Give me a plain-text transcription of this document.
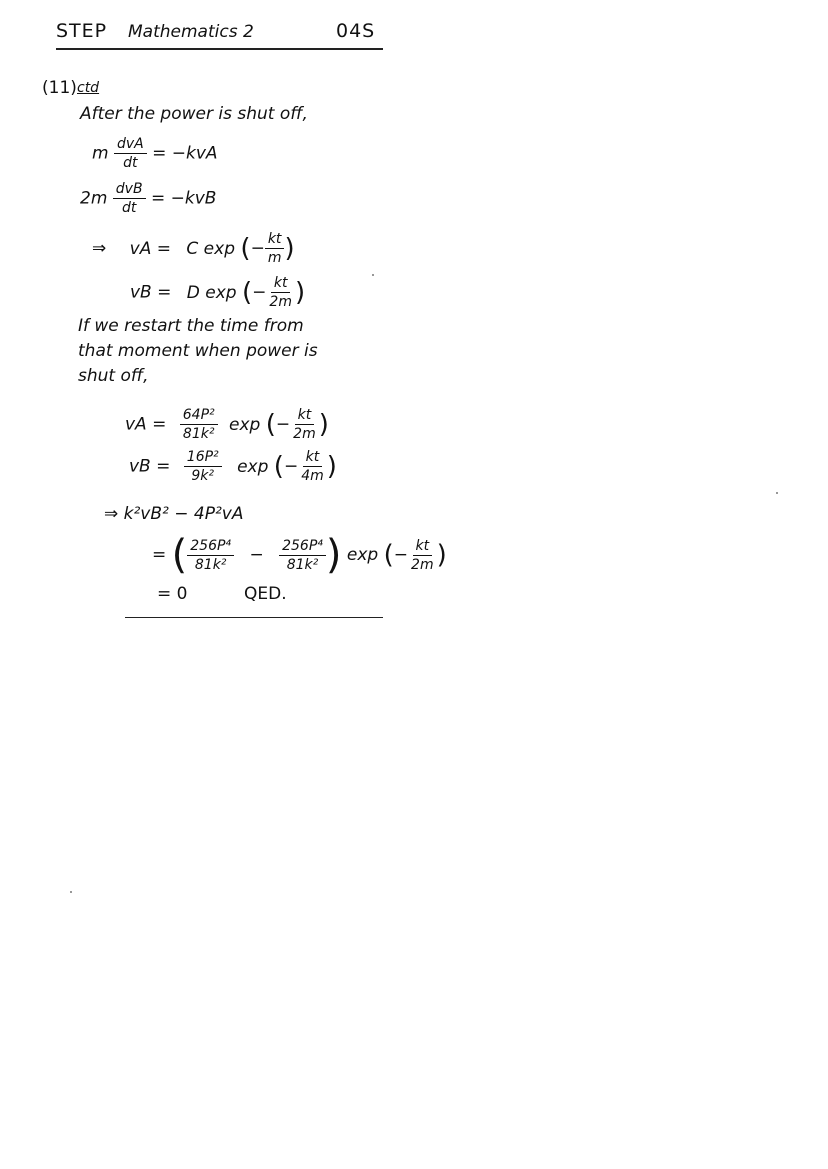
STEP Mathematics 2	04S
(11) ctd
After the power is shut off,
m $\frac{\text{dvA}}{dt} = -kvA$
$2m \frac{\text{dvB}}{dt} = -kvB$
⇒ vA = C exp (− $\frac{kt}{m}$ )
vB = D exp (− $\frac{kt}{2m}$ )
If we restart the time from
that moment when power is
shut off,
vA = $\frac{\text{64P²}}{\text{81k²}}$ exp (− $\frac{kt}{2m}$ )
vB = $\frac{\text{16P²}}{\text{9k²}}$ exp (− $\frac{kt}{4m}$ )
⇒ k²vB² − 4P²vA
= ( $\frac{\text{256P⁴}}{\text{81k²}} - \frac{\text{256P⁴}}{\text{81k²}}$ ) exp (− $\frac{kt}{2m}$ )
= 0	QED.
